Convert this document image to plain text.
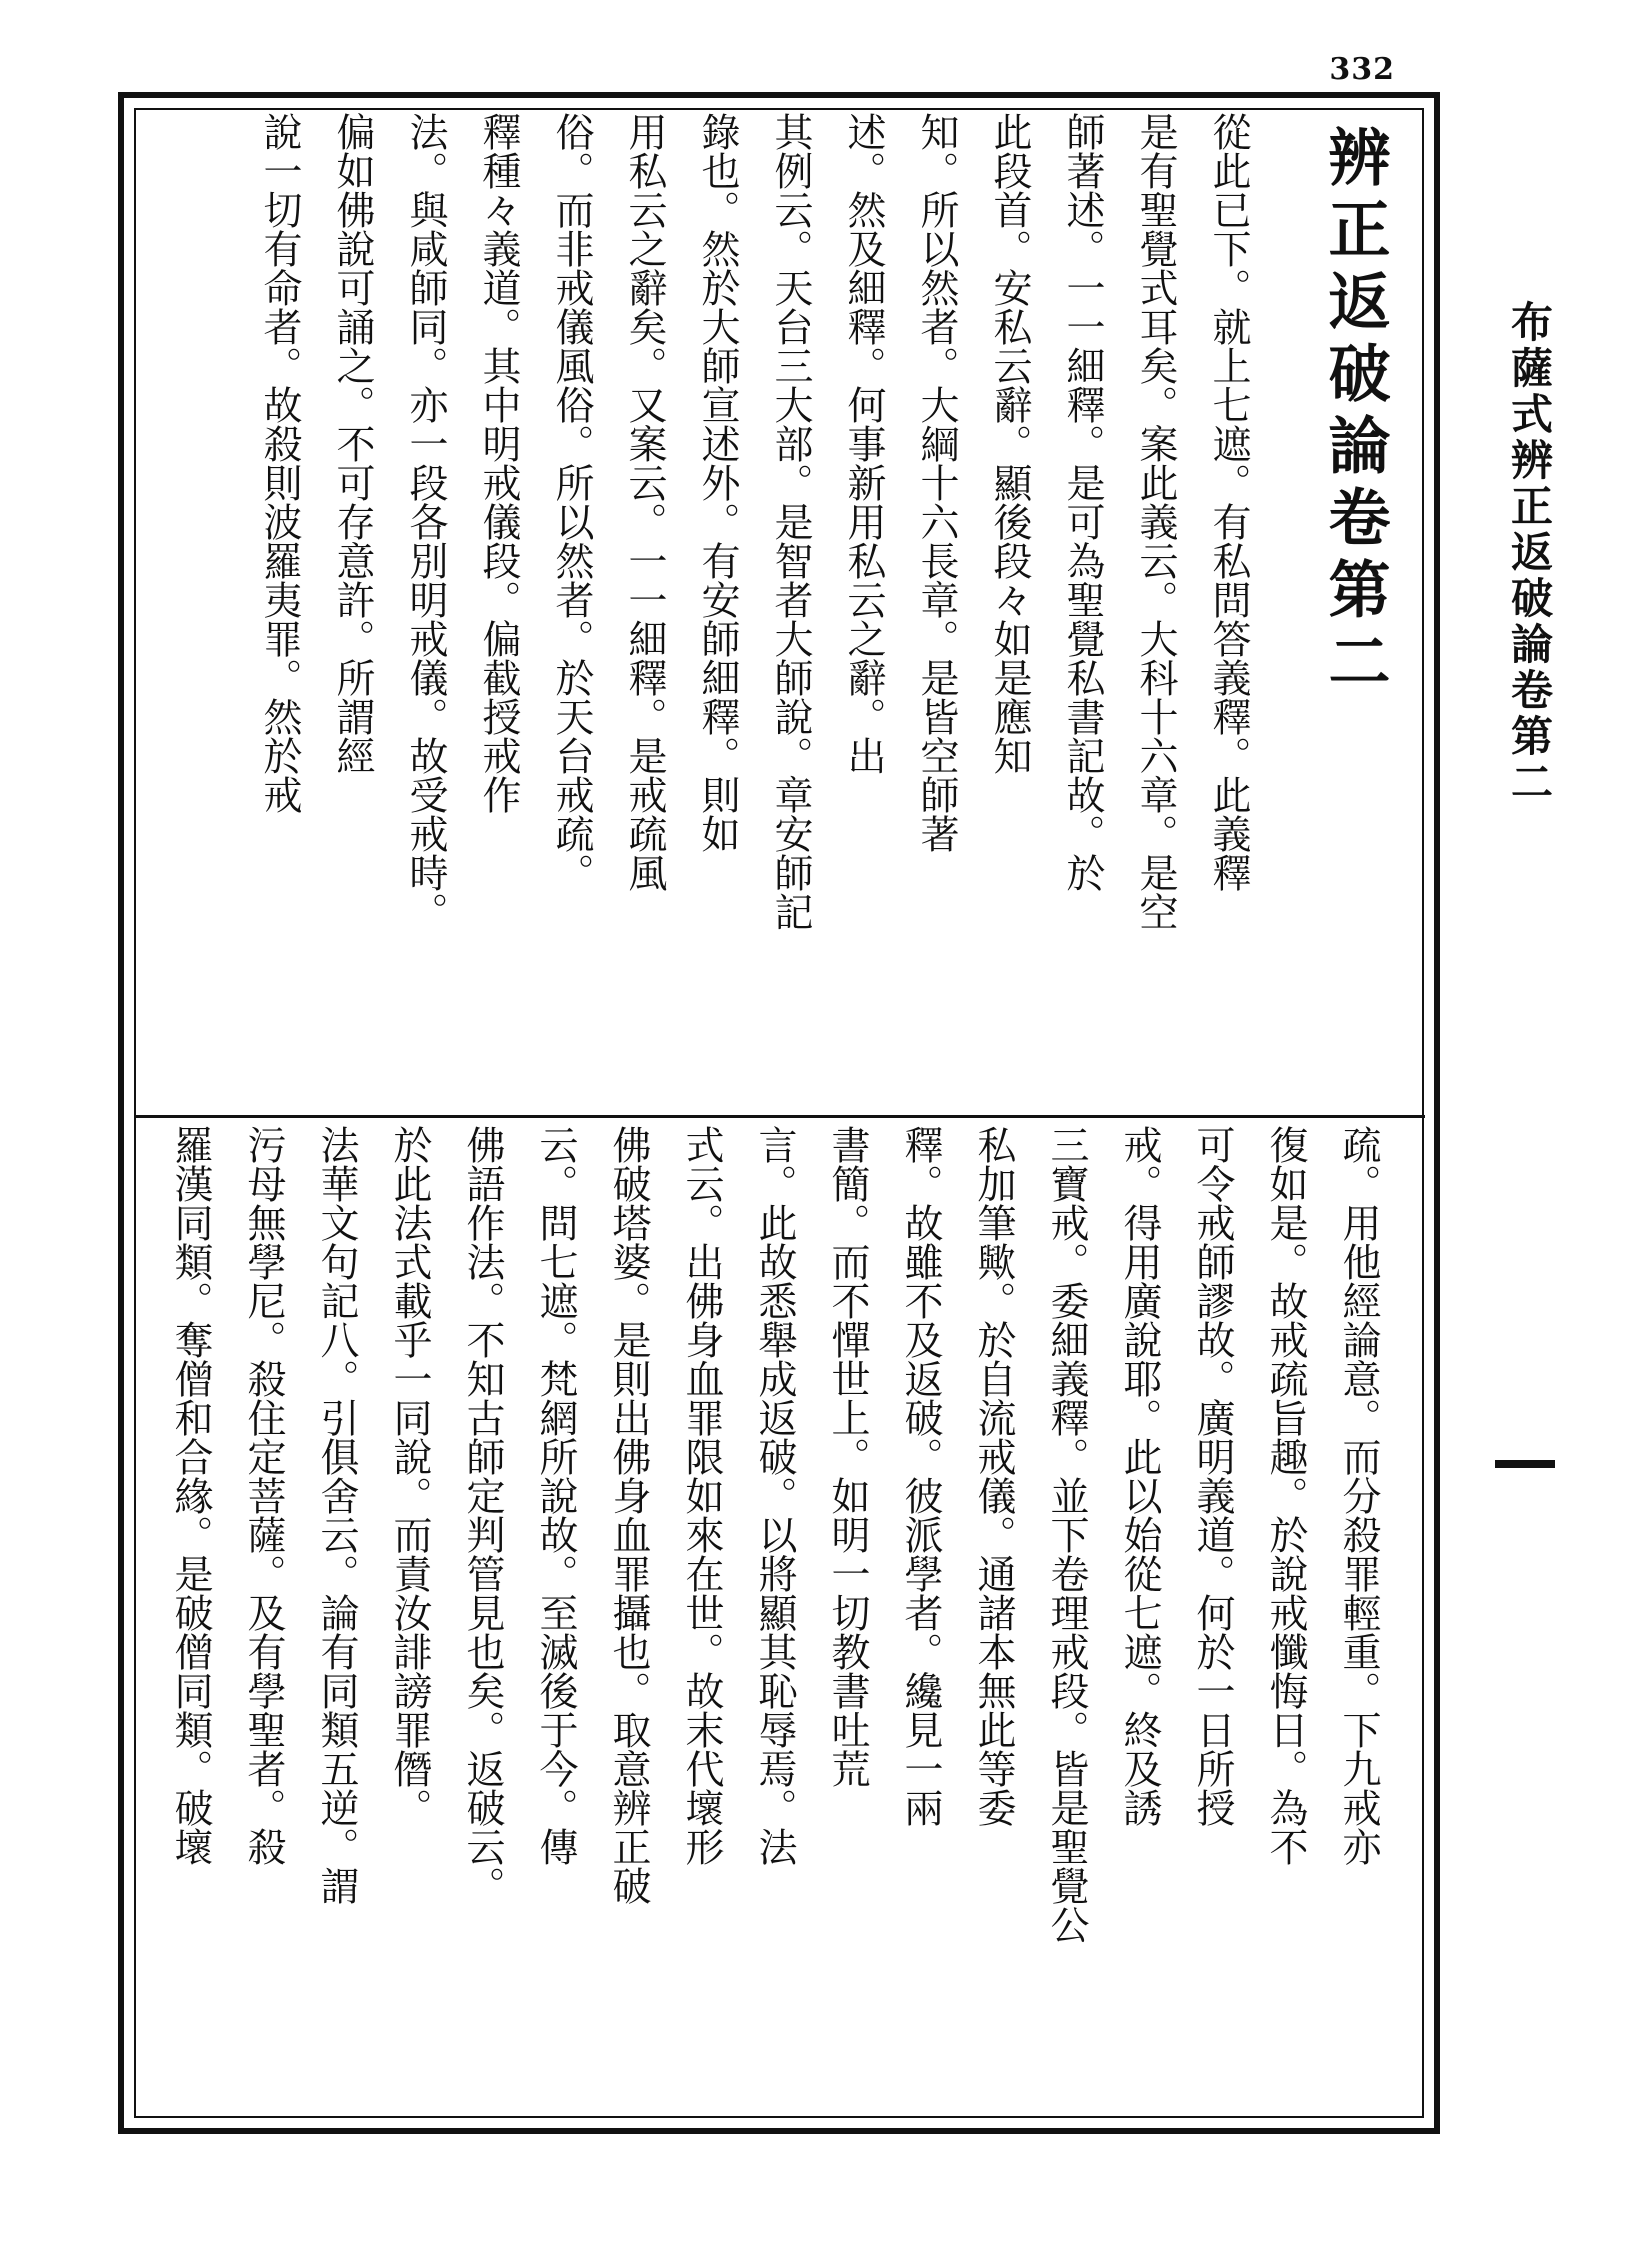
332
布薩式辨正返破論卷第二
辨正返破論卷第二
從此已下。就上七遮。有私問答義釋。此義釋
是有聖覺式耳矣。案此義云。大科十六章。是空
師著述。一一細釋。是可為聖覺私書記故。於
此段首。安私云辭。顯後段々如是應知
知。所以然者。大綱十六長章。是皆空師著
述。然及細釋。何事新用私云之辭。出
其例云。天台三大部。是智者大師說。章安師記
錄也。然於大師宣述外。有安師細釋。則如
用私云之辭矣。又案云。一一細釋。是戒疏風
俗。而非戒儀風俗。所以然者。於天台戒疏。
釋種々義道。其中明戒儀段。偏截授戒作
法。與咸師同。亦一段各別明戒儀。故受戒時。
偏如佛說可誦之。不可存意許。所謂經
說一切有命者。故殺則波羅夷罪。然於戒
疏。用他經論意。而分殺罪輕重。下九戒亦
復如是。故戒疏旨趣。於說戒懺悔日。為不
可令戒師謬故。廣明義道。何於一日所授
戒。得用廣說耶。此以始從七遮。終及誘
三寶戒。委細義釋。並下卷理戒段。皆是聖覺公
私加筆歟。於自流戒儀。通諸本無此等委
釋。故雖不及返破。彼派學者。纔見一兩
書簡。而不憚世上。如明一切教書吐荒
言。此故悉舉成返破。以將顯其恥辱焉。法
式云。出佛身血罪限如來在世。故末代壞形
佛破塔婆。是則出佛身血罪攝也。取意辨正破
云。問七遮。梵網所說故。至滅後于今。傳
佛語作法。不知古師定判管見也矣。返破云。
於此法式載乎一同說。而責汝誹謗罪僭。
法華文句記八。引俱舍云。論有同類五逆。謂
污母無學尼。殺住定菩薩。及有學聖者。殺
羅漢同類。奪僧和合緣。是破僧同類。破壞
